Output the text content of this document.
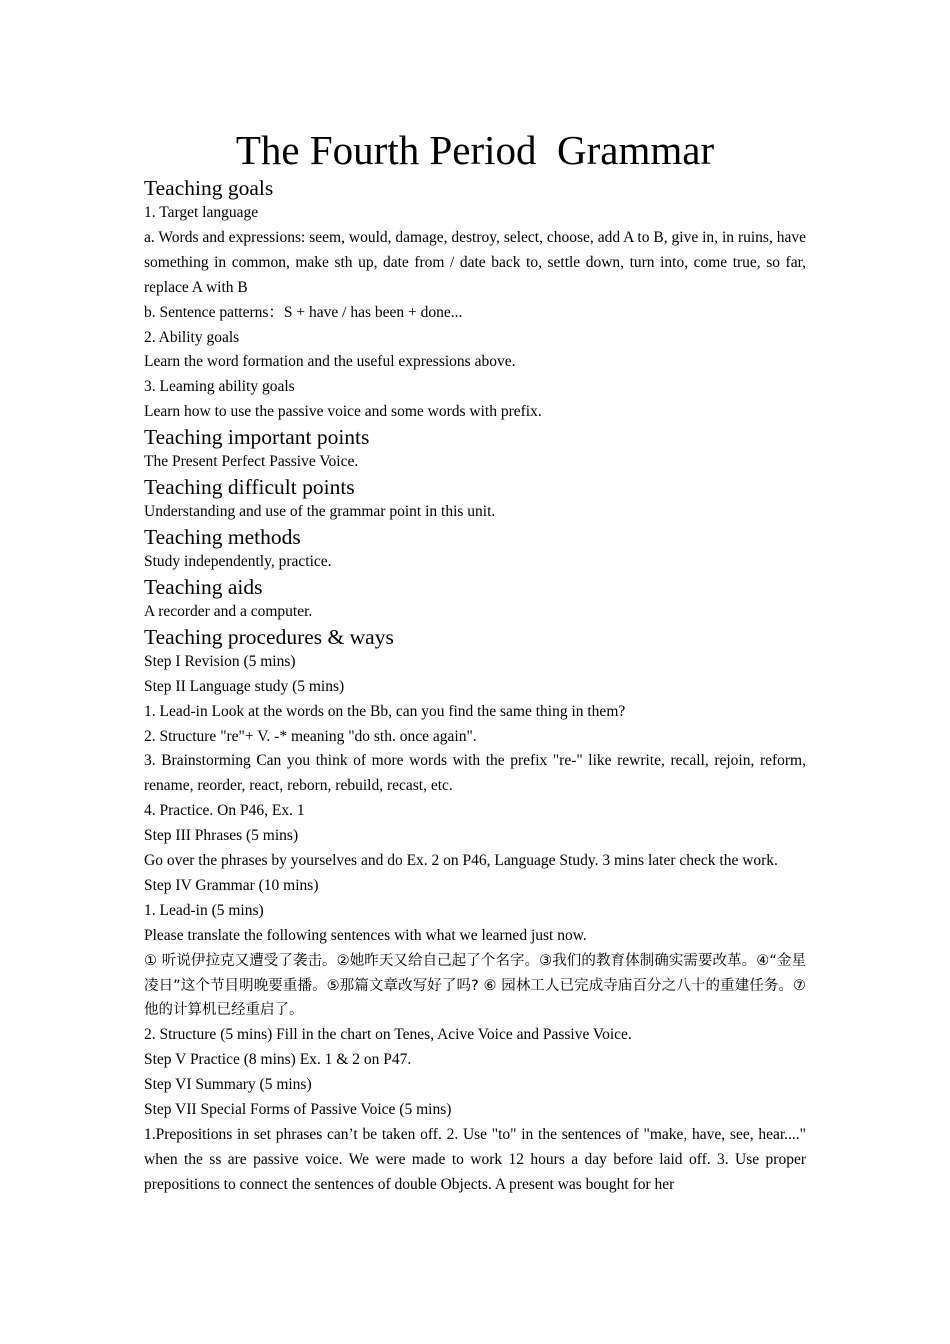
The Fourth Period  Grammar
Teaching goals

1. Target language

a. Words and expressions: seem, would, damage, destroy, select, choose, add A to B, give in, in ruins, have something in common, make sth up, date from / date back to, settle down, turn into, come true, so far, replace A with B

b. Sentence patterns：S + have / has been + done...

2. Ability goals

Learn the word formation and the useful expressions above.

3. Leaming ability goals

Learn how to use the passive voice and some words with prefix.

Teaching important points

The Present Perfect Passive Voice.

Teaching difficult points

Understanding and use of the grammar point in this unit.

Teaching methods

Study independently, practice.

Teaching aids

A recorder and a computer.

Teaching procedures & ways

Step I Revision (5 mins)

Step II Language study (5 mins)

1. Lead-in Look at the words on the Bb, can you find the same thing in them?

2. Structure "re"+ V. -* meaning "do sth. once again".

3. Brainstorming Can you think of more words with the prefix "re-" like rewrite, recall, rejoin, reform, rename, reorder, react, reborn, rebuild, recast, etc.

4. Practice. On P46, Ex. 1

Step III Phrases (5 mins)

Go over the phrases by yourselves and do Ex. 2 on P46, Language Study. 3 mins later check the work.

Step IV Grammar (10 mins)

1. Lead-in (5 mins)

Please translate the following sentences with what we learned just now.

① 听说伊拉克又遭受了袭击。②她昨天又给自己起了个名字。③我们的教育体制确实需要改革。④“金星凌日”这个节目明晚要重播。⑤那篇文章改写好了吗? ⑥ 园林工人已完成寺庙百分之八十的重建任务。⑦他的计算机已经重启了。

2. Structure (5 mins) Fill in the chart on Tenes, Acive Voice and Passive Voice.

Step V Practice (8 mins) Ex. 1 & 2 on P47.

Step VI Summary (5 mins)

Step VII Special Forms of Passive Voice (5 mins)

1.Prepositions in set phrases can’t be taken off. 2. Use "to" in the sentences of "make, have, see, hear...." when the ss are passive voice. We were made to work 12 hours a day before laid off. 3. Use proper prepositions to connect the sentences of double Objects. A present was bought for her
